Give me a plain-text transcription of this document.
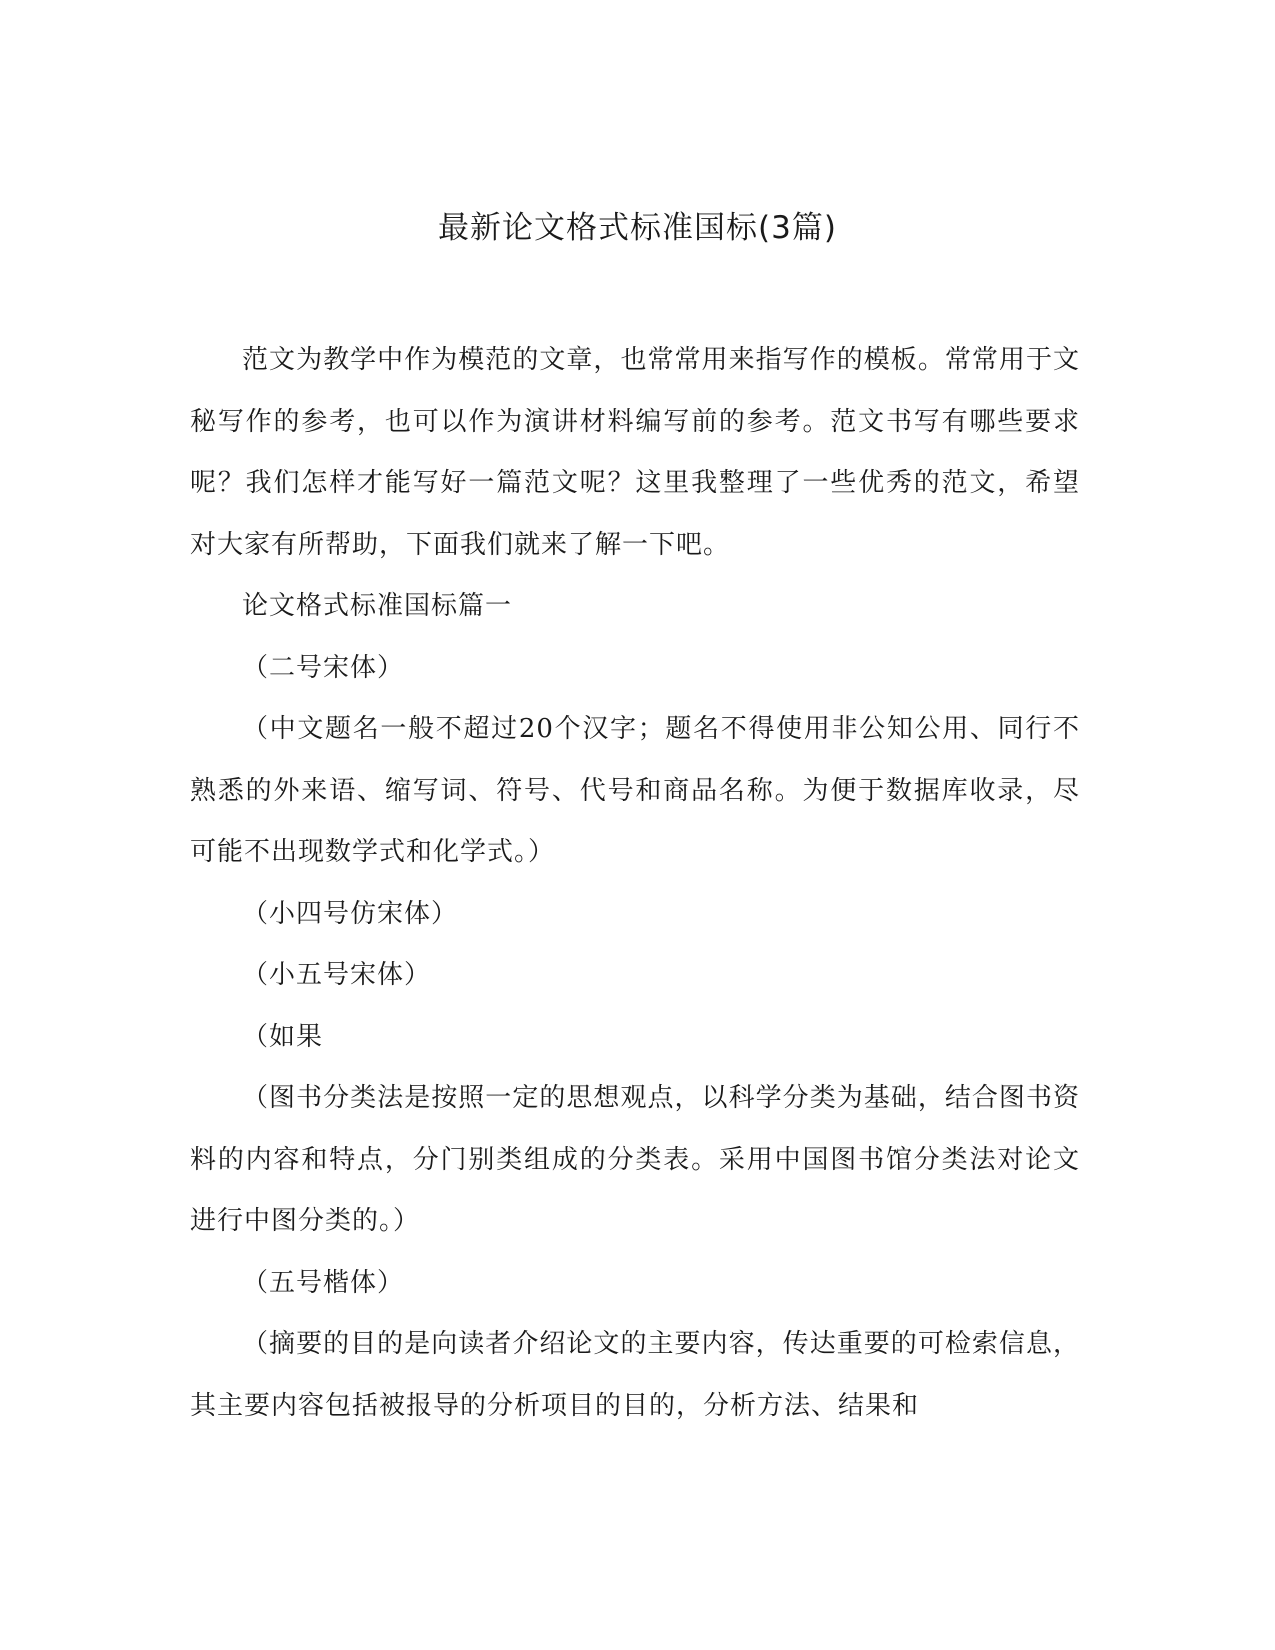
最新论文格式标准国标(3篇)

范文为教学中作为模范的文章，也常常用来指写作的模板。常常用于文秘写作的参考，也可以作为演讲材料编写前的参考。范文书写有哪些要求呢？我们怎样才能写好一篇范文呢？这里我整理了一些优秀的范文，希望对大家有所帮助，下面我们就来了解一下吧。

论文格式标准国标篇一

（二号宋体）

（中文题名一般不超过20个汉字；题名不得使用非公知公用、同行不熟悉的外来语、缩写词、符号、代号和商品名称。为便于数据库收录，尽可能不出现数学式和化学式。）

（小四号仿宋体）

（小五号宋体）

（如果

（图书分类法是按照一定的思想观点，以科学分类为基础，结合图书资料的内容和特点，分门别类组成的分类表。采用中国图书馆分类法对论文进行中图分类的。）

（五号楷体）

（摘要的目的是向读者介绍论文的主要内容，传达重要的可检索信息，其主要内容包括被报导的分析项目的目的，分析方法、结果和
